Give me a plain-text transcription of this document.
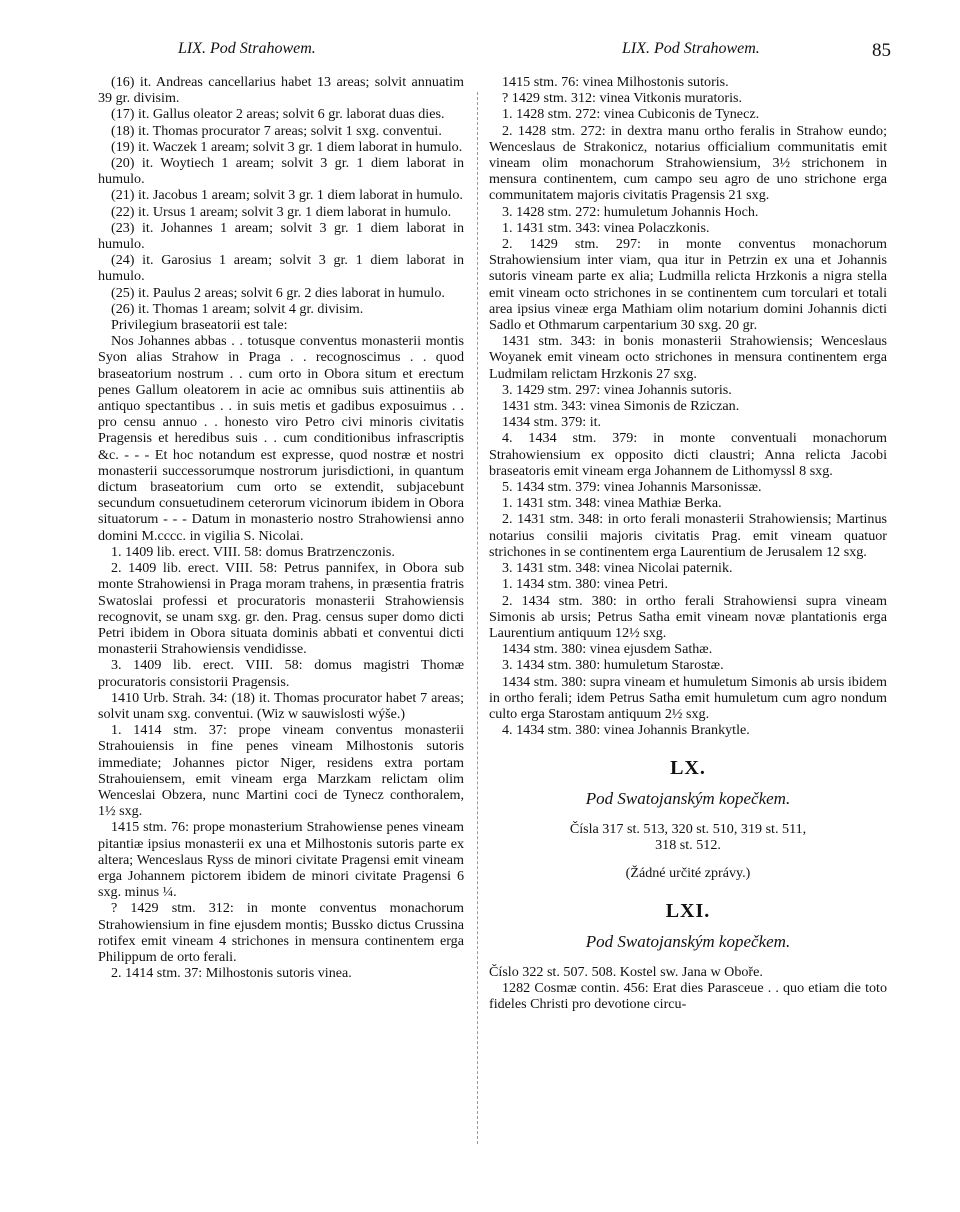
LIX. Pod Strahowem.	LIX. Pod Strahowem.	85

(16) it. Andreas cancellarius habet 13 areas; solvit annuatim 39 gr. divisim.

(17) it. Gallus oleator 2 areas; solvit 6 gr. laborat duas dies.

(18) it. Thomas procurator 7 areas; solvit 1 sxg. conventui.

(19) it. Waczek 1 aream; solvit 3 gr. 1 diem laborat in humulo.

(20) it. Woytiech 1 aream; solvit 3 gr. 1 diem laborat in humulo.

(21) it. Jacobus 1 aream; solvit 3 gr. 1 diem laborat in humulo.

(22) it. Ursus 1 aream; solvit 3 gr. 1 diem laborat in humulo.

(23) it. Johannes 1 aream; solvit 3 gr. 1 diem laborat in humulo.

(24) it. Garosius 1 aream; solvit 3 gr. 1 diem laborat in humulo.

(25) it. Paulus 2 areas; solvit 6 gr. 2 dies laborat in humulo.

(26) it. Thomas 1 aream; solvit 4 gr. divisim.

Privilegium braseatorii est tale:

Nos Johannes abbas . . totusque conventus monasterii montis Syon alias Strahow in Praga . . recognoscimus . . quod braseatorium nostrum . . cum orto in Obora situm et erectum penes Gallum oleatorem in acie ac omnibus suis attinentiis ab antiquo spectantibus . . in suis metis et gadibus exposuimus . . pro censu annuo . . honesto viro Petro civi minoris civitatis Pragensis et heredibus suis . . cum conditionibus infrascriptis &c. - - - Et hoc notandum est expresse, quod nostræ et nostri monasterii successorumque nostrorum jurisdictioni, in quantum dictum braseatorium cum orto se extendit, subjacebunt secundum consuetudinem ceterorum vicinorum ibidem in Obora situatorum - - - Datum in monasterio nostro Strahowiensi anno domini M.cccc. in vigilia S. Nicolai.

1. 1409 lib. erect. VIII. 58: domus Bratrzenczonis.

2. 1409 lib. erect. VIII. 58: Petrus pannifex, in Obora sub monte Strahowiensi in Praga moram trahens, in præsentia fratris Swatoslai professi et procuratoris monasterii Strahowiensis recognovit, se unam sxg. gr. den. Prag. census super domo dicti Petri ibidem in Obora situata dominis abbati et conventui dicti monasterii Strahowiensis vendidisse.

3. 1409 lib. erect. VIII. 58: domus magistri Thomæ procuratoris consistorii Pragensis.

1410 Urb. Strah. 34: (18) it. Thomas procurator habet 7 areas; solvit unam sxg. conventui. (Wiz w sauwislosti wýše.)

1. 1414 stm. 37: prope vineam conventus monasterii Strahouiensis in fine penes vineam Milhostonis sutoris immediate; Johannes pictor Niger, residens extra portam Strahouiensem, emit vineam erga Marzkam relictam olim Wenceslai Obzera, nunc Martini coci de Tynecz conthoralem, 1½ sxg.

1415 stm. 76: prope monasterium Strahowiense penes vineam pitantiæ ipsius monasterii ex una et Milhostonis sutoris parte ex altera; Wenceslaus Ryss de minori civitate Pragensi emit vineam erga Johannem pictorem ibidem de minori civitate Pragensi 6 sxg. minus ¼.

? 1429 stm. 312: in monte conventus monachorum Strahowiensium in fine ejusdem montis; Bussko dictus Crussina rotifex emit vineam 4 strichones in mensura continentem erga Philippum de orto ferali.

2. 1414 stm. 37: Milhostonis sutoris vinea.

1415 stm. 76: vinea Milhostonis sutoris.

? 1429 stm. 312: vinea Vitkonis muratoris.

1. 1428 stm. 272: vinea Cubiconis de Tynecz.

2. 1428 stm. 272: in dextra manu ortho feralis in Strahow eundo; Wenceslaus de Strakonicz, notarius officialium communitatis emit vineam olim monachorum Strahowiensium, 3½ strichonem in mensura continentem, cum campo seu agro de uno strichone erga communitatem majoris civitatis Pragensis 21 sxg.

3. 1428 stm. 272: humuletum Johannis Hoch.

1. 1431 stm. 343: vinea Polaczkonis.

2. 1429 stm. 297: in monte conventus monachorum Strahowiensium inter viam, qua itur in Petrzin ex una et Johannis sutoris vineam parte ex alia; Ludmilla relicta Hrzkonis a nigra stella emit vineam octo strichones in se continentem cum torculari et totali area ipsius vineæ erga Mathiam olim notarium domini Johannis dicti Sadlo et Othmarum carpentarium 30 sxg. 20 gr.

1431 stm. 343: in bonis monasterii Strahowiensis; Wenceslaus Woyanek emit vineam octo strichones in mensura continentem erga Ludmilam relictam Hrzkonis 27 sxg.

3. 1429 stm. 297: vinea Johannis sutoris.

1431 stm. 343: vinea Simonis de Rziczan.

1434 stm. 379: it.

4. 1434 stm. 379: in monte conventuali monachorum Strahowiensium ex opposito dicti claustri; Anna relicta Jacobi braseatoris emit vineam erga Johannem de Lithomyssl 8 sxg.

5. 1434 stm. 379: vinea Johannis Marsonissæ.

1. 1431 stm. 348: vinea Mathiæ Berka.

2. 1431 stm. 348: in orto ferali monasterii Strahowiensis; Martinus notarius consilii majoris civitatis Prag. emit vineam quatuor strichones in se continentem erga Laurentium de Jerusalem 12 sxg.

3. 1431 stm. 348: vinea Nicolai paternik.

1. 1434 stm. 380: vinea Petri.

2. 1434 stm. 380: in ortho ferali Strahowiensi supra vineam Simonis ab ursis; Petrus Satha emit vineam novæ plantationis erga Laurentium antiquum 12½ sxg.

1434 stm. 380: vinea ejusdem Sathæ.

3. 1434 stm. 380: humuletum Starostæ.

1434 stm. 380: supra vineam et humuletum Simonis ab ursis ibidem in ortho ferali; idem Petrus Satha emit humuletum cum agro nondum culto erga Starostam antiquum 2½ sxg.

4. 1434 stm. 380: vinea Johannis Brankytle.

LX.
Pod Swatojanským kopečkem.
Čísla 317 st. 513, 320 st. 510, 319 st. 511,
318 st. 512.
(Žádné určité zprávy.)
LXI.
Pod Swatojanským kopečkem.

Číslo 322 st. 507. 508. Kostel sw. Jana w Oboře.

1282 Cosmæ contin. 456: Erat dies Parasceue . . quo etiam die toto fideles Christi pro devotione circu-
